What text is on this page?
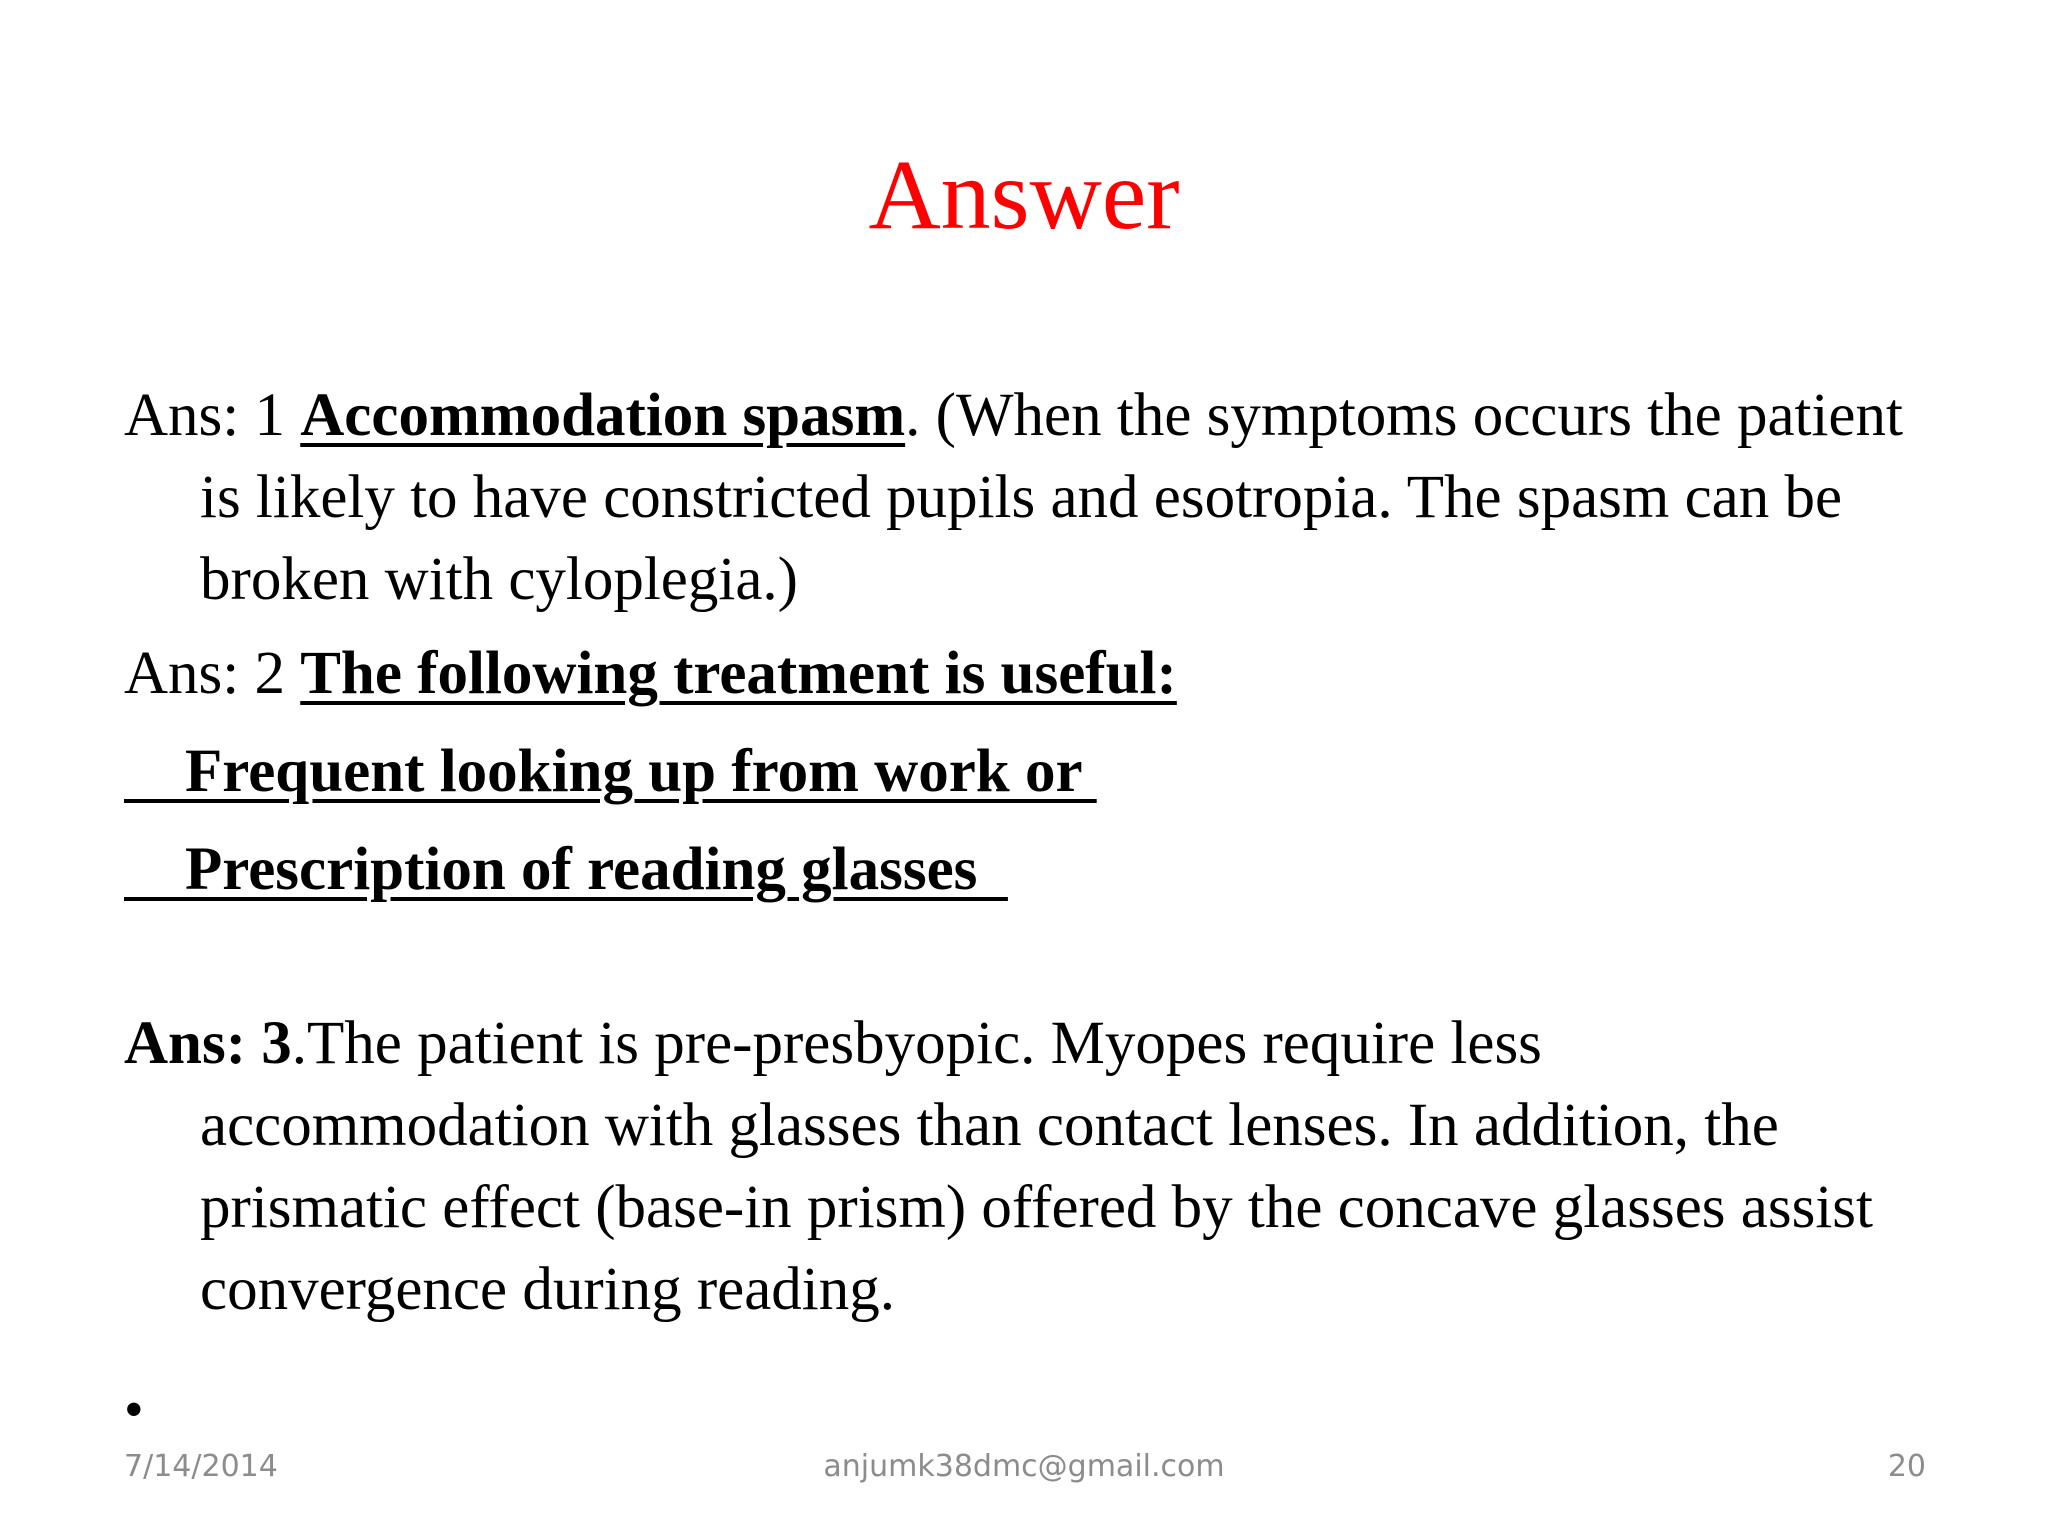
Answer
Ans: 1 Accommodation spasm. (When the symptoms occurs the patient is likely to have constricted pupils and esotropia. The spasm can be broken with cyloplegia.)
Ans: 2 The following treatment is useful:
Frequent looking up from work or
Prescription of reading glasses
Ans: 3.The patient is pre-presbyopic. Myopes require less accommodation with glasses than contact lenses. In addition, the prismatic effect (base-in prism) offered by the concave glasses assist convergence during reading.
•
7/14/2014	anjumk38dmc@gmail.com	20
